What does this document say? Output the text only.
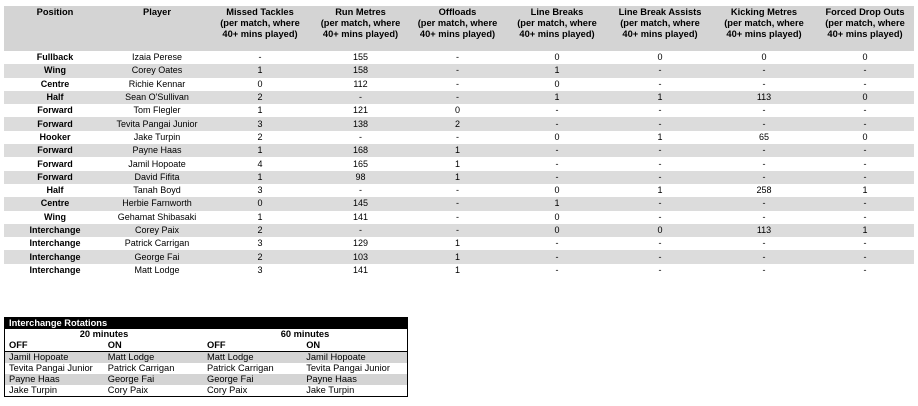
Position	Player	Missed Tackles
(per match, where
40+ mins played)	Run Metres
(per match, where
40+ mins played)	Offloads
(per match, where
40+ mins played)	Line Breaks
(per match, where
40+ mins played)	Line Break Assists
(per match, where
40+ mins played)	Kicking Metres
(per match, where
40+ mins played)	Forced Drop Outs
(per match, where
40+ mins played)
Fullback	Izaia Perese	-	155	-	0	0	0	0
Wing	Corey Oates	1	158	-	1	-	-	-
Centre	Richie Kennar	0	112	-	0	-	-	-
Half	Sean O'Sullivan	2	-	-	1	1	113	0
Forward	Tom Flegler	1	121	0	-	-	-	-
Forward	Tevita Pangai Junior	3	138	2	-	-	-	-
Hooker	Jake Turpin	2	-	-	0	1	65	0
Forward	Payne Haas	1	168	1	-	-	-	-
Forward	Jamil Hopoate	4	165	1	-	-	-	-
Forward	David Fifita	1	98	1	-	-	-	-
Half	Tanah Boyd	3	-	-	0	1	258	1
Centre	Herbie Farnworth	0	145	-	1	-	-	-
Wing	Gehamat Shibasaki	1	141	-	0	-	-	-
Interchange	Corey Paix	2	-	-	0	0	113	1
Interchange	Patrick Carrigan	3	129	1	-	-	-	-
Interchange	George Fai	2	103	1	-	-	-	-
Interchange	Matt Lodge	3	141	1	-	-	-	-
Interchange Rotations			
20 minutes		60 minutes	
OFF	ON	OFF	ON
Jamil Hopoate	Matt Lodge	Matt Lodge	Jamil Hopoate
Tevita Pangai Junior	Patrick Carrigan	Patrick Carrigan	Tevita Pangai Junior
Payne Haas	George Fai	George Fai	Payne Haas
Jake Turpin	Cory Paix	Cory Paix	Jake Turpin
